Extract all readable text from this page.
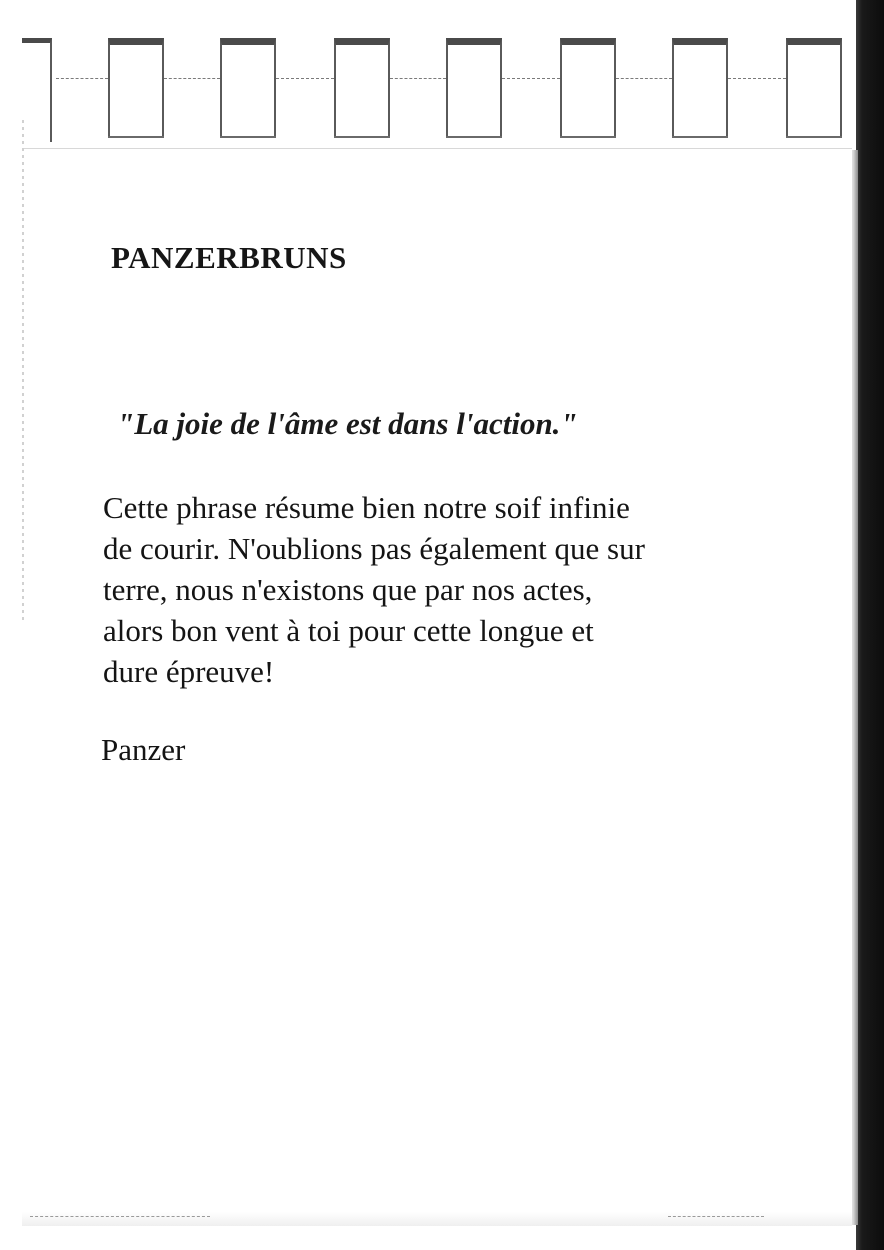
PANZERBRUNS

"La joie de l'âme est dans l'action."

Cette phrase résume bien notre soif infinie
de courir. N'oublions pas également que sur
terre, nous n'existons que par nos actes,
alors bon vent à toi pour cette longue et
dure épreuve!

Panzer
